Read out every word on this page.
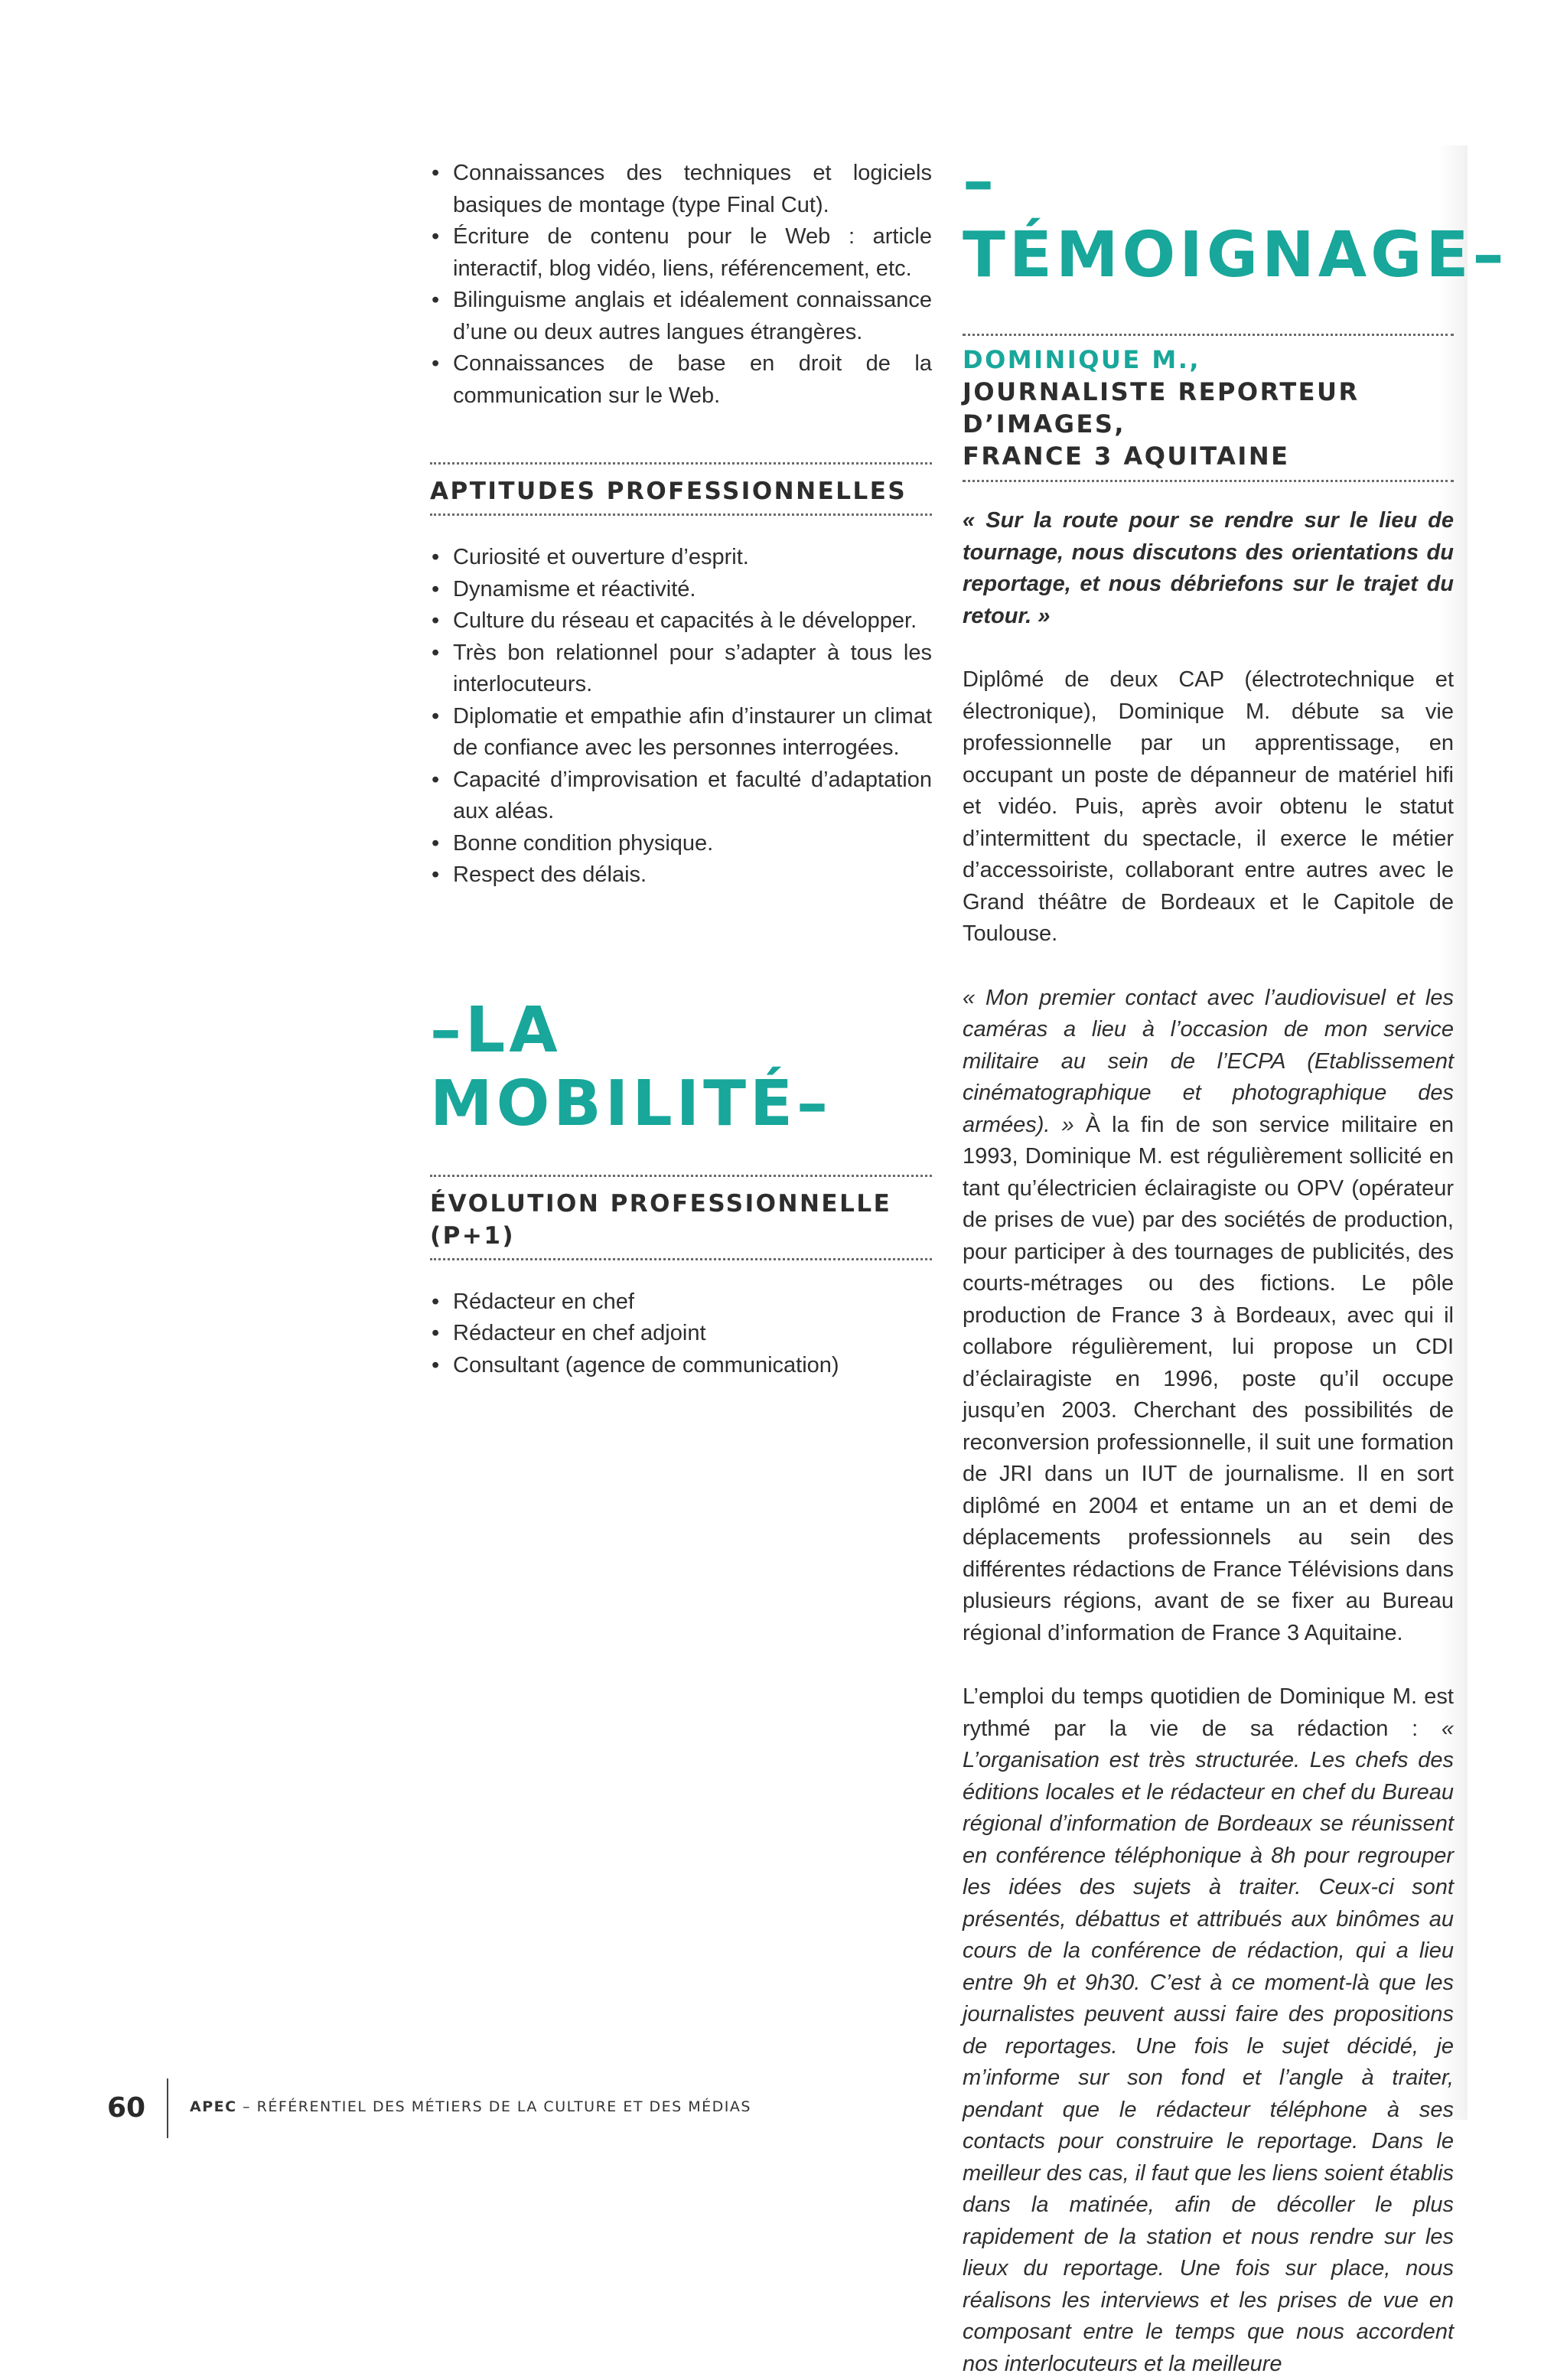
• Connaissances des techniques et logiciels basiques de montage (type Final Cut).
• Écriture de contenu pour le Web : article interactif, blog vidéo, liens, référencement, etc.
• Bilinguisme anglais et idéalement connaissance d’une ou deux autres langues étrangères.
• Connaissances de base en droit de la communication sur le Web.
APTITUDES PROFESSIONNELLES
• Curiosité et ouverture d’esprit.
• Dynamisme et réactivité.
• Culture du réseau et capacités à le développer.
• Très bon relationnel pour s’adapter à tous les interlocuteurs.
• Diplomatie et empathie afin d’instaurer un climat de confiance avec les personnes interrogées.
• Capacité d’improvisation et faculté d’adaptation aux aléas.
• Bonne condition physique.
• Respect des délais.
–LA MOBILITÉ–
ÉVOLUTION PROFESSIONNELLE (P+1)
• Rédacteur en chef
• Rédacteur en chef adjoint
• Consultant (agence de communication)
–TÉMOIGNAGE–
DOMINIQUE M.,
JOURNALISTE REPORTEUR D’IMAGES,
FRANCE 3 AQUITAINE

« Sur la route pour se rendre sur le lieu de tournage, nous discutons des orientations du reportage, et nous débriefons sur le trajet du retour. »

Diplômé de deux CAP (électrotechnique et électronique), Dominique M. débute sa vie professionnelle par un apprentissage, en occupant un poste de dépanneur de matériel hifi et vidéo. Puis, après avoir obtenu le statut d’intermittent du spectacle, il exerce le métier d’accessoiriste, collaborant entre autres avec le Grand théâtre de Bordeaux et le Capitole de Toulouse.

« Mon premier contact avec l’audiovisuel et les caméras a lieu à l’occasion de mon service militaire au sein de l’ECPA (Etablissement cinématographique et photographique des armées). » À la fin de son service militaire en 1993, Dominique M. est régulièrement sollicité en tant qu’électricien éclairagiste ou OPV (opérateur de prises de vue) par des sociétés de production, pour participer à des tournages de publicités, des courts-métrages ou des fictions. Le pôle production de France 3 à Bordeaux, avec qui il collabore régulièrement, lui propose un CDI d’éclairagiste en 1996, poste qu’il occupe jusqu’en 2003. Cherchant des possibilités de reconversion professionnelle, il suit une formation de JRI dans un IUT de journalisme. Il en sort diplômé en 2004 et entame un an et demi de déplacements professionnels au sein des différentes rédactions de France Télévisions dans plusieurs régions, avant de se fixer au Bureau régional d’information de France 3 Aquitaine.

L’emploi du temps quotidien de Dominique M. est rythmé par la vie de sa rédaction : « L’organisation est très structurée. Les chefs des éditions locales et le rédacteur en chef du Bureau régional d’information de Bordeaux se réunissent en conférence téléphonique à 8h pour regrouper les idées des sujets à traiter. Ceux-ci sont présentés, débattus et attribués aux binômes au cours de la conférence de rédaction, qui a lieu entre 9h et 9h30. C’est à ce moment-là que les journalistes peuvent aussi faire des propositions de reportages. Une fois le sujet décidé, je m’informe sur son fond et l’angle à traiter, pendant que le rédacteur téléphone à ses contacts pour construire le reportage. Dans le meilleur des cas, il faut que les liens soient établis dans la matinée, afin de décoller le plus rapidement de la station et nous rendre sur les lieux du reportage. Une fois sur place, nous réalisons les interviews et les prises de vue en composant entre le temps que nous accordent nos interlocuteurs et la meilleure

60	APEC – RÉFÉRENTIEL DES MÉTIERS DE LA CULTURE ET DES MÉDIAS
